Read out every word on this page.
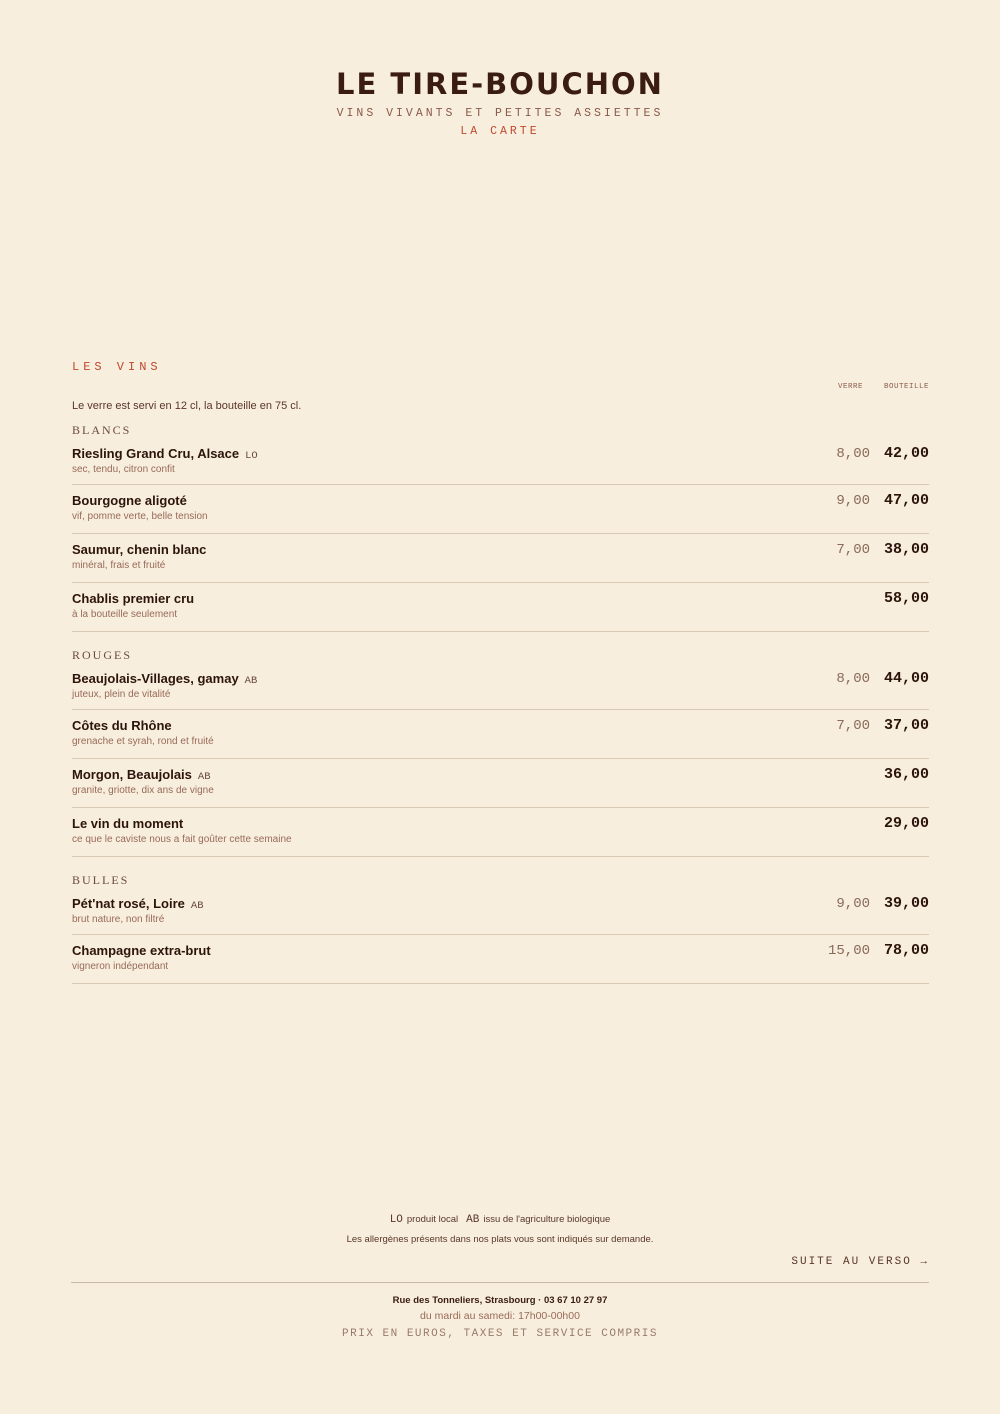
LE TIRE-BOUCHON
VINS VIVANTS ET PETITES ASSIETTES
LA CARTE
LES VINS
VERRE	BOUTEILLE
Le verre est servi en 12 cl, la bouteille en 75 cl.
BLANCS
Riesling Grand Cru, Alsace LO
sec, tendu, citron confit
8,00 42,00
Bourgogne aligoté
vif, pomme verte, belle tension
9,00 47,00
Saumur, chenin blanc
minéral, frais et fruité
7,00 38,00
Chablis premier cru
à la bouteille seulement
58,00
ROUGES
Beaujolais-Villages, gamay AB
juteux, plein de vitalité
8,00 44,00
Côtes du Rhône
grenache et syrah, rond et fruité
7,00 37,00
Morgon, Beaujolais AB
granite, griotte, dix ans de vigne
36,00
Le vin du moment
ce que le caviste nous a fait goûter cette semaine
29,00
BULLES
Pét'nat rosé, Loire AB
brut nature, non filtré
9,00 39,00
Champagne extra-brut
vigneron indépendant
15,00 78,00
LO produit local AB issu de l'agriculture biologique
Les allergènes présents dans nos plats vous sont indiqués sur demande.
SUITE AU VERSO →
Rue des Tonneliers, Strasbourg · 03 67 10 27 97
du mardi au samedi: 17h00-00h00
PRIX EN EUROS, TAXES ET SERVICE COMPRIS
